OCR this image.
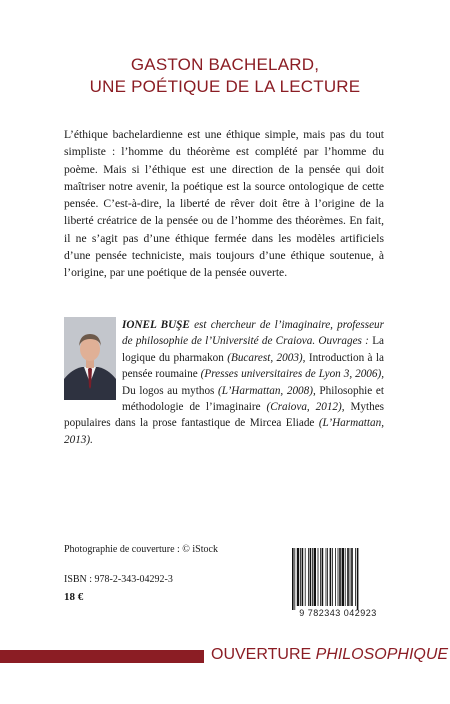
GASTON BACHELARD,
UNE POÉTIQUE DE LA LECTURE

L’éthique bachelardienne est une éthique simple, mais pas du tout simpliste : l’homme du théorème est complété par l’homme du poème. Mais si l’éthique est une direction de la pensée qui doit maîtriser notre avenir, la poétique est la source ontologique de cette pensée. C’est-à-dire, la liberté de rêver doit être à l’origine de la liberté créatrice de la pensée ou de l’homme des théorèmes. En fait, il ne s’agit pas d’une éthique fermée dans les modèles artificiels d’une pensée techniciste, mais toujours d’une éthique soutenue, à l’origine, par une poétique de la pensée ouverte.

IONEL BUŞE est chercheur de l’imaginaire, professeur de philosophie de l’Université de Craiova. Ouvrages : La logique du pharmakon (Bucarest, 2003), Introduction à la pensée roumaine (Presses universitaires de Lyon 3, 2006), Du logos au mythos (L’Harmattan, 2008), Philosophie et méthodologie de l’imaginaire (Craiova, 2012), Mythes populaires dans la prose fantastique de Mircea Eliade (L’Harmattan, 2013).
Photographie de couverture : © iStock
ISBN : 978-2-343-04292-3
18 €
9 782343 042923
OUVERTURE PHILOSOPHIQUE
